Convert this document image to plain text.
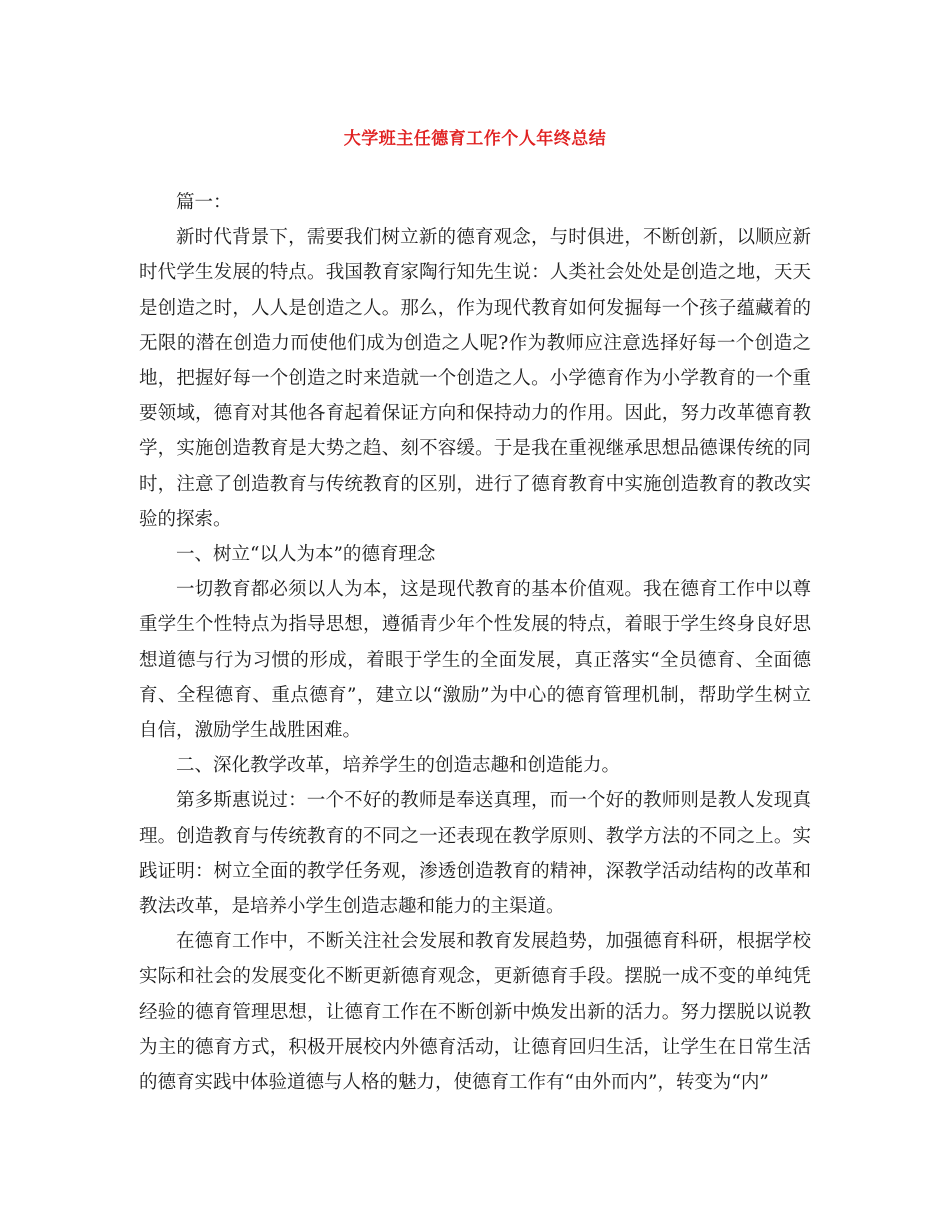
大学班主任德育工作个人年终总结

篇一：

新时代背景下，需要我们树立新的德育观念，与时俱进，不断创新，以顺应新时代学生发展的特点。我国教育家陶行知先生说：人类社会处处是创造之地，天天是创造之时，人人是创造之人。那么，作为现代教育如何发掘每一个孩子蕴藏着的无限的潜在创造力而使他们成为创造之人呢?作为教师应注意选择好每一个创造之地，把握好每一个创造之时来造就一个创造之人。小学德育作为小学教育的一个重要领域，德育对其他各育起着保证方向和保持动力的作用。因此，努力改革德育教学，实施创造教育是大势之趋、刻不容缓。于是我在重视继承思想品德课传统的同时，注意了创造教育与传统教育的区别，进行了德育教育中实施创造教育的教改实验的探索。

一、树立“以人为本”的德育理念

一切教育都必须以人为本，这是现代教育的基本价值观。我在德育工作中以尊重学生个性特点为指导思想，遵循青少年个性发展的特点，着眼于学生终身良好思想道德与行为习惯的形成，着眼于学生的全面发展，真正落实“全员德育、全面德育、全程德育、重点德育”，建立以“激励”为中心的德育管理机制，帮助学生树立自信，激励学生战胜困难。

二、深化教学改革，培养学生的创造志趣和创造能力。

第多斯惠说过：一个不好的教师是奉送真理，而一个好的教师则是教人发现真理。创造教育与传统教育的不同之一还表现在教学原则、教学方法的不同之上。实践证明：树立全面的教学任务观，渗透创造教育的精神，深教学活动结构的改革和教法改革，是培养小学生创造志趣和能力的主渠道。

在德育工作中，不断关注社会发展和教育发展趋势，加强德育科研，根据学校实际和社会的发展变化不断更新德育观念，更新德育手段。摆脱一成不变的单纯凭经验的德育管理思想，让德育工作在不断创新中焕发出新的活力。努力摆脱以说教为主的德育方式，积极开展校内外德育活动，让德育回归生活，让学生在日常生活的德育实践中体验道德与人格的魅力，使德育工作有“由外而内”，转变为“内”
